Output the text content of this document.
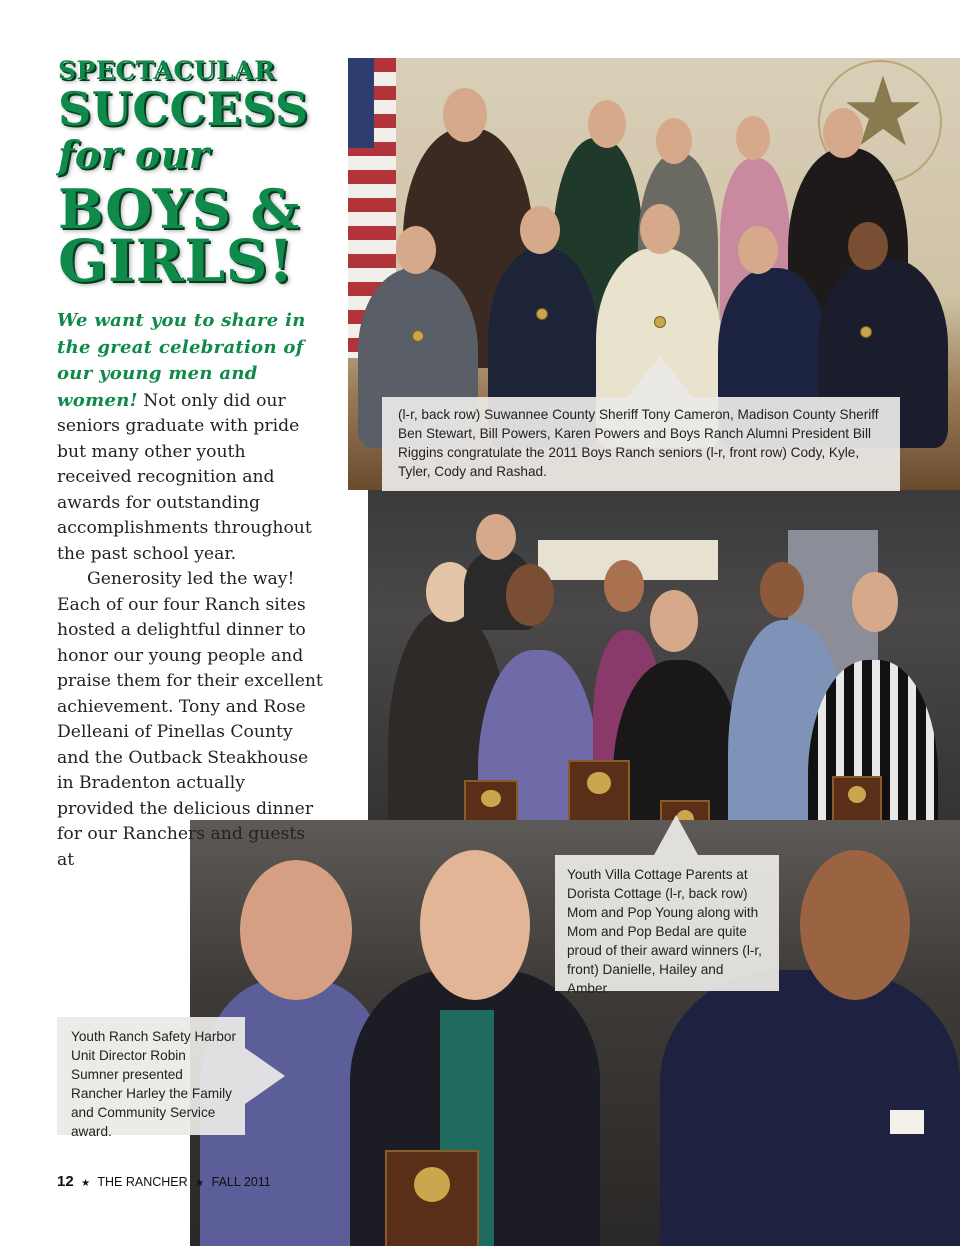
SPECTACULAR
SUCCESS
for our
BOYS &
GIRLS!
★

We want you to share in the great celebration of our young men and women! Not only did our seniors graduate with pride but many other youth received recognition and awards for outstanding accomplishments throughout the past school year.
Generosity led the way! Each of our four Ranch sites hosted a delightful dinner to honor our young people and praise them for their excellent achievement. Tony and Rose Delleani of Pinellas County and the Outback Steakhouse in Bradenton actually provided the delicious dinner for our Ranchers and guests at

(l-r, back row) Suwannee County Sheriff Tony Cameron, Madison County Sheriff Ben Stewart, Bill Powers, Karen Powers and Boys Ranch Alumni President Bill Riggins congratulate the 2011 Boys Ranch seniors (l-r, front row) Cody, Kyle, Tyler, Cody and Rashad.

Youth Villa Cottage Parents at Dorista Cottage (l-r, back row) Mom and Pop Young along with Mom and Pop Bedal are quite proud of their award winners (l-r, front) Danielle, Hailey and Amber.

Youth Ranch Safety Harbor Unit Director Robin Sumner presented Rancher Harley the Family and Community Service award.

12 ★ THE RANCHER ★ FALL 2011
